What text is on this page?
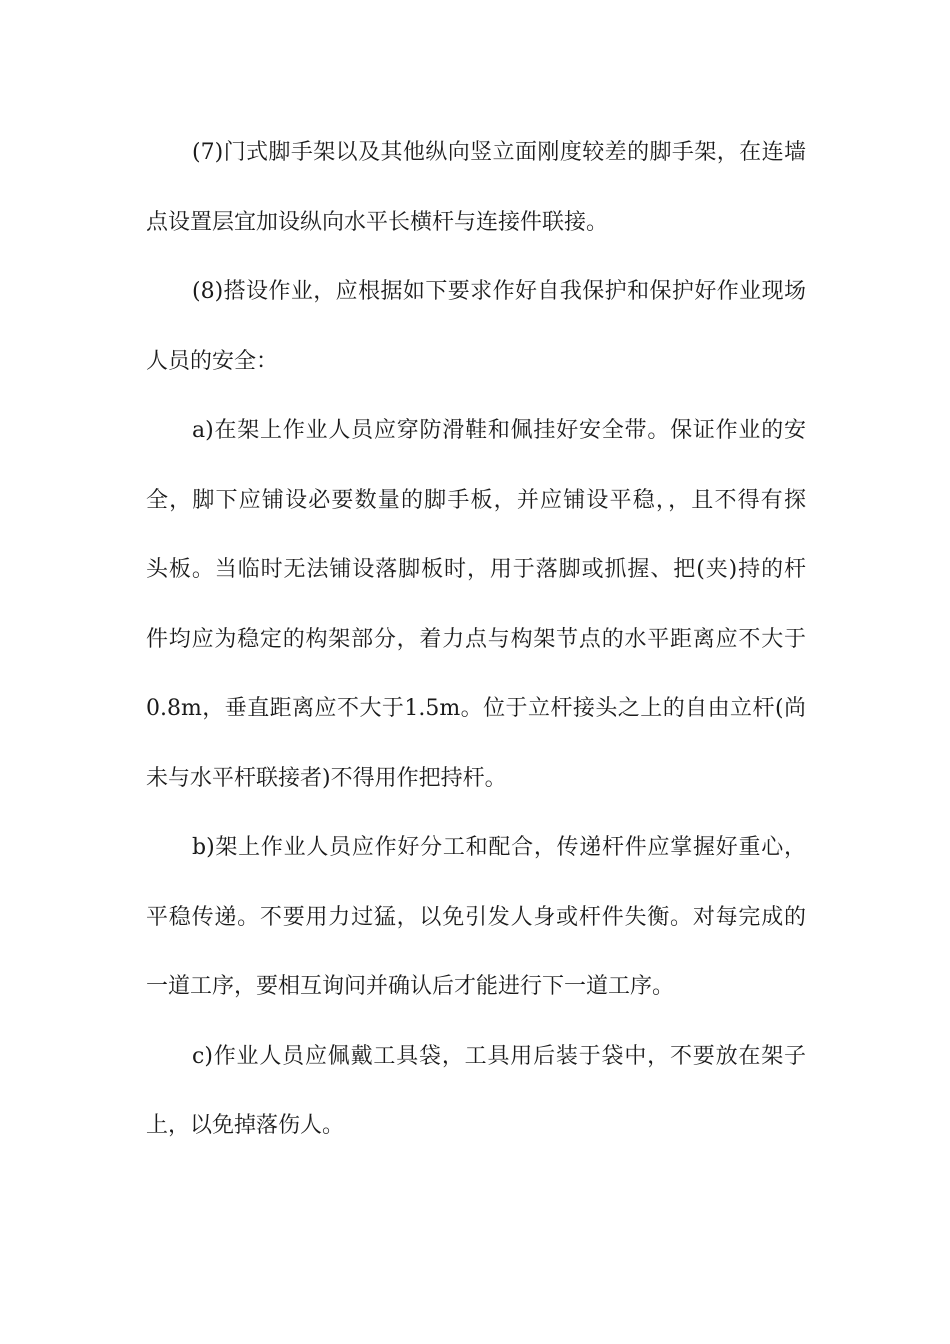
(7)门式脚手架以及其他纵向竖立面刚度较差的脚手架，在连墙
点设置层宜加设纵向水平长横杆与连接件联接。
(8)搭设作业，应根据如下要求作好自我保护和保护好作业现场
人员的安全：
a)在架上作业人员应穿防滑鞋和佩挂好安全带。保证作业的安
全，脚下应铺设必要数量的脚手板，并应铺设平稳，，且不得有探
头板。当临时无法铺设落脚板时，用于落脚或抓握、把(夹)持的杆
件均应为稳定的构架部分，着力点与构架节点的水平距离应不大于
0.8m，垂直距离应不大于1.5m。位于立杆接头之上的自由立杆(尚
未与水平杆联接者)不得用作把持杆。
b)架上作业人员应作好分工和配合，传递杆件应掌握好重心，
平稳传递。不要用力过猛，以免引发人身或杆件失衡。对每完成的
一道工序，要相互询问并确认后才能进行下一道工序。
c)作业人员应佩戴工具袋，工具用后装于袋中，不要放在架子
上，以免掉落伤人。
